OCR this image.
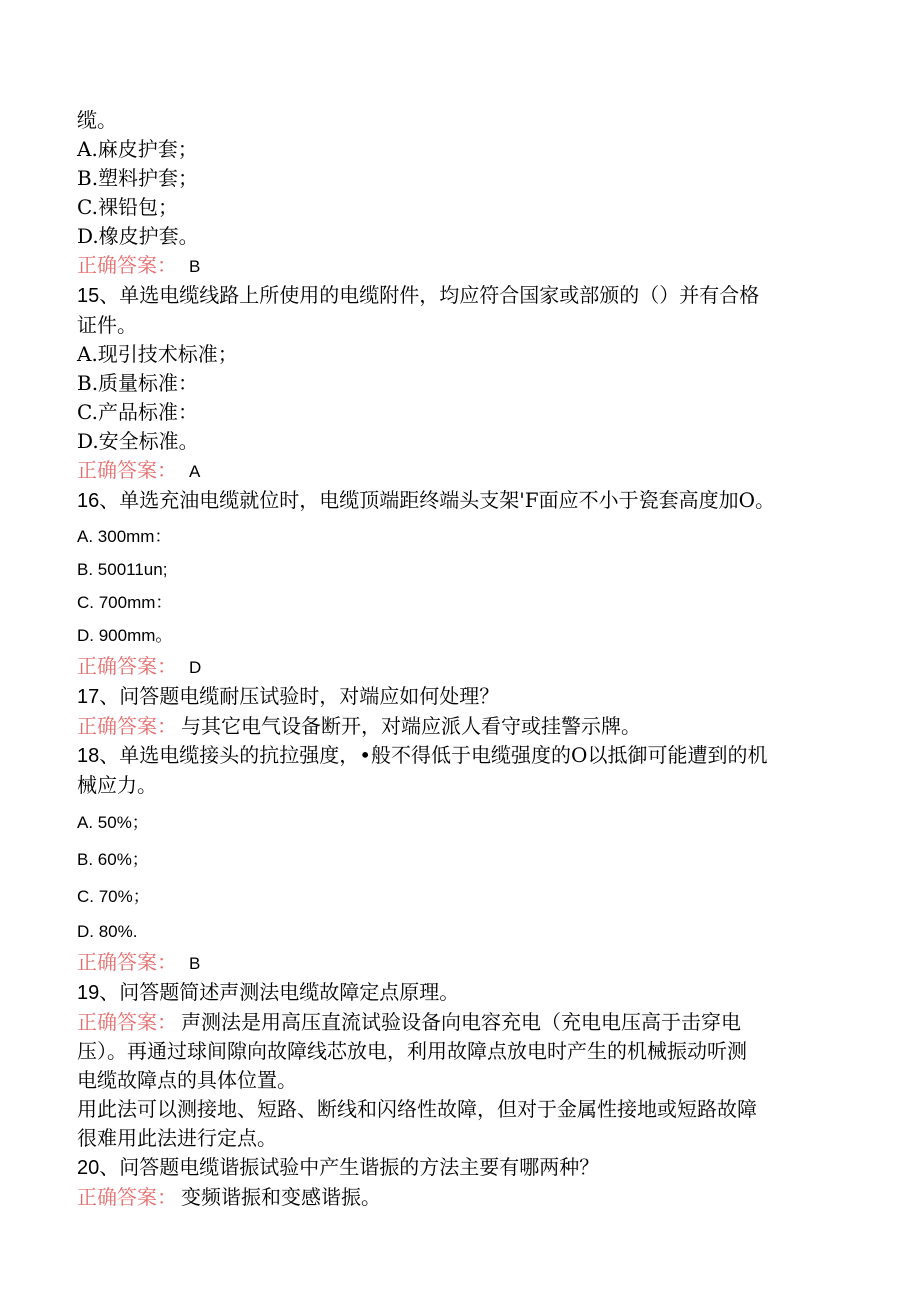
缆。
A.麻皮护套；
B.塑料护套；
C.裸铅包；
D.橡皮护套。
正确答案： B
15、单选电缆线路上所使用的电缆附件，均应符合国家或部颁的（）并有合格
证件。
A.现引技术标准；
B.质量标准：
C.产品标准：
D.安全标准。
正确答案： A
16、单选充油电缆就位时，电缆顶端距终端头支架'F面应不小于瓷套高度加O。
A. 300mm：
B. 50011un;
C. 700mm：
D. 900mm。
正确答案： D
17、问答题电缆耐压试验时，对端应如何处理？
正确答案： 与其它电气设备断开，对端应派人看守或挂警示牌。
18、单选电缆接头的抗拉强度，•般不得低于电缆强度的O以抵御可能遭到的机
械应力。
A. 50%；
B. 60%；
C. 70%；
D. 80%.
正确答案： B
19、问答题简述声测法电缆故障定点原理。
正确答案： 声测法是用高压直流试验设备向电容充电（充电电压高于击穿电
压）。再通过球间隙向故障线芯放电，利用故障点放电时产生的机械振动听测
电缆故障点的具体位置。
用此法可以测接地、短路、断线和闪络性故障，但对于金属性接地或短路故障
很难用此法进行定点。
20、问答题电缆谐振试验中产生谐振的方法主要有哪两种？
正确答案： 变频谐振和变感谐振。
